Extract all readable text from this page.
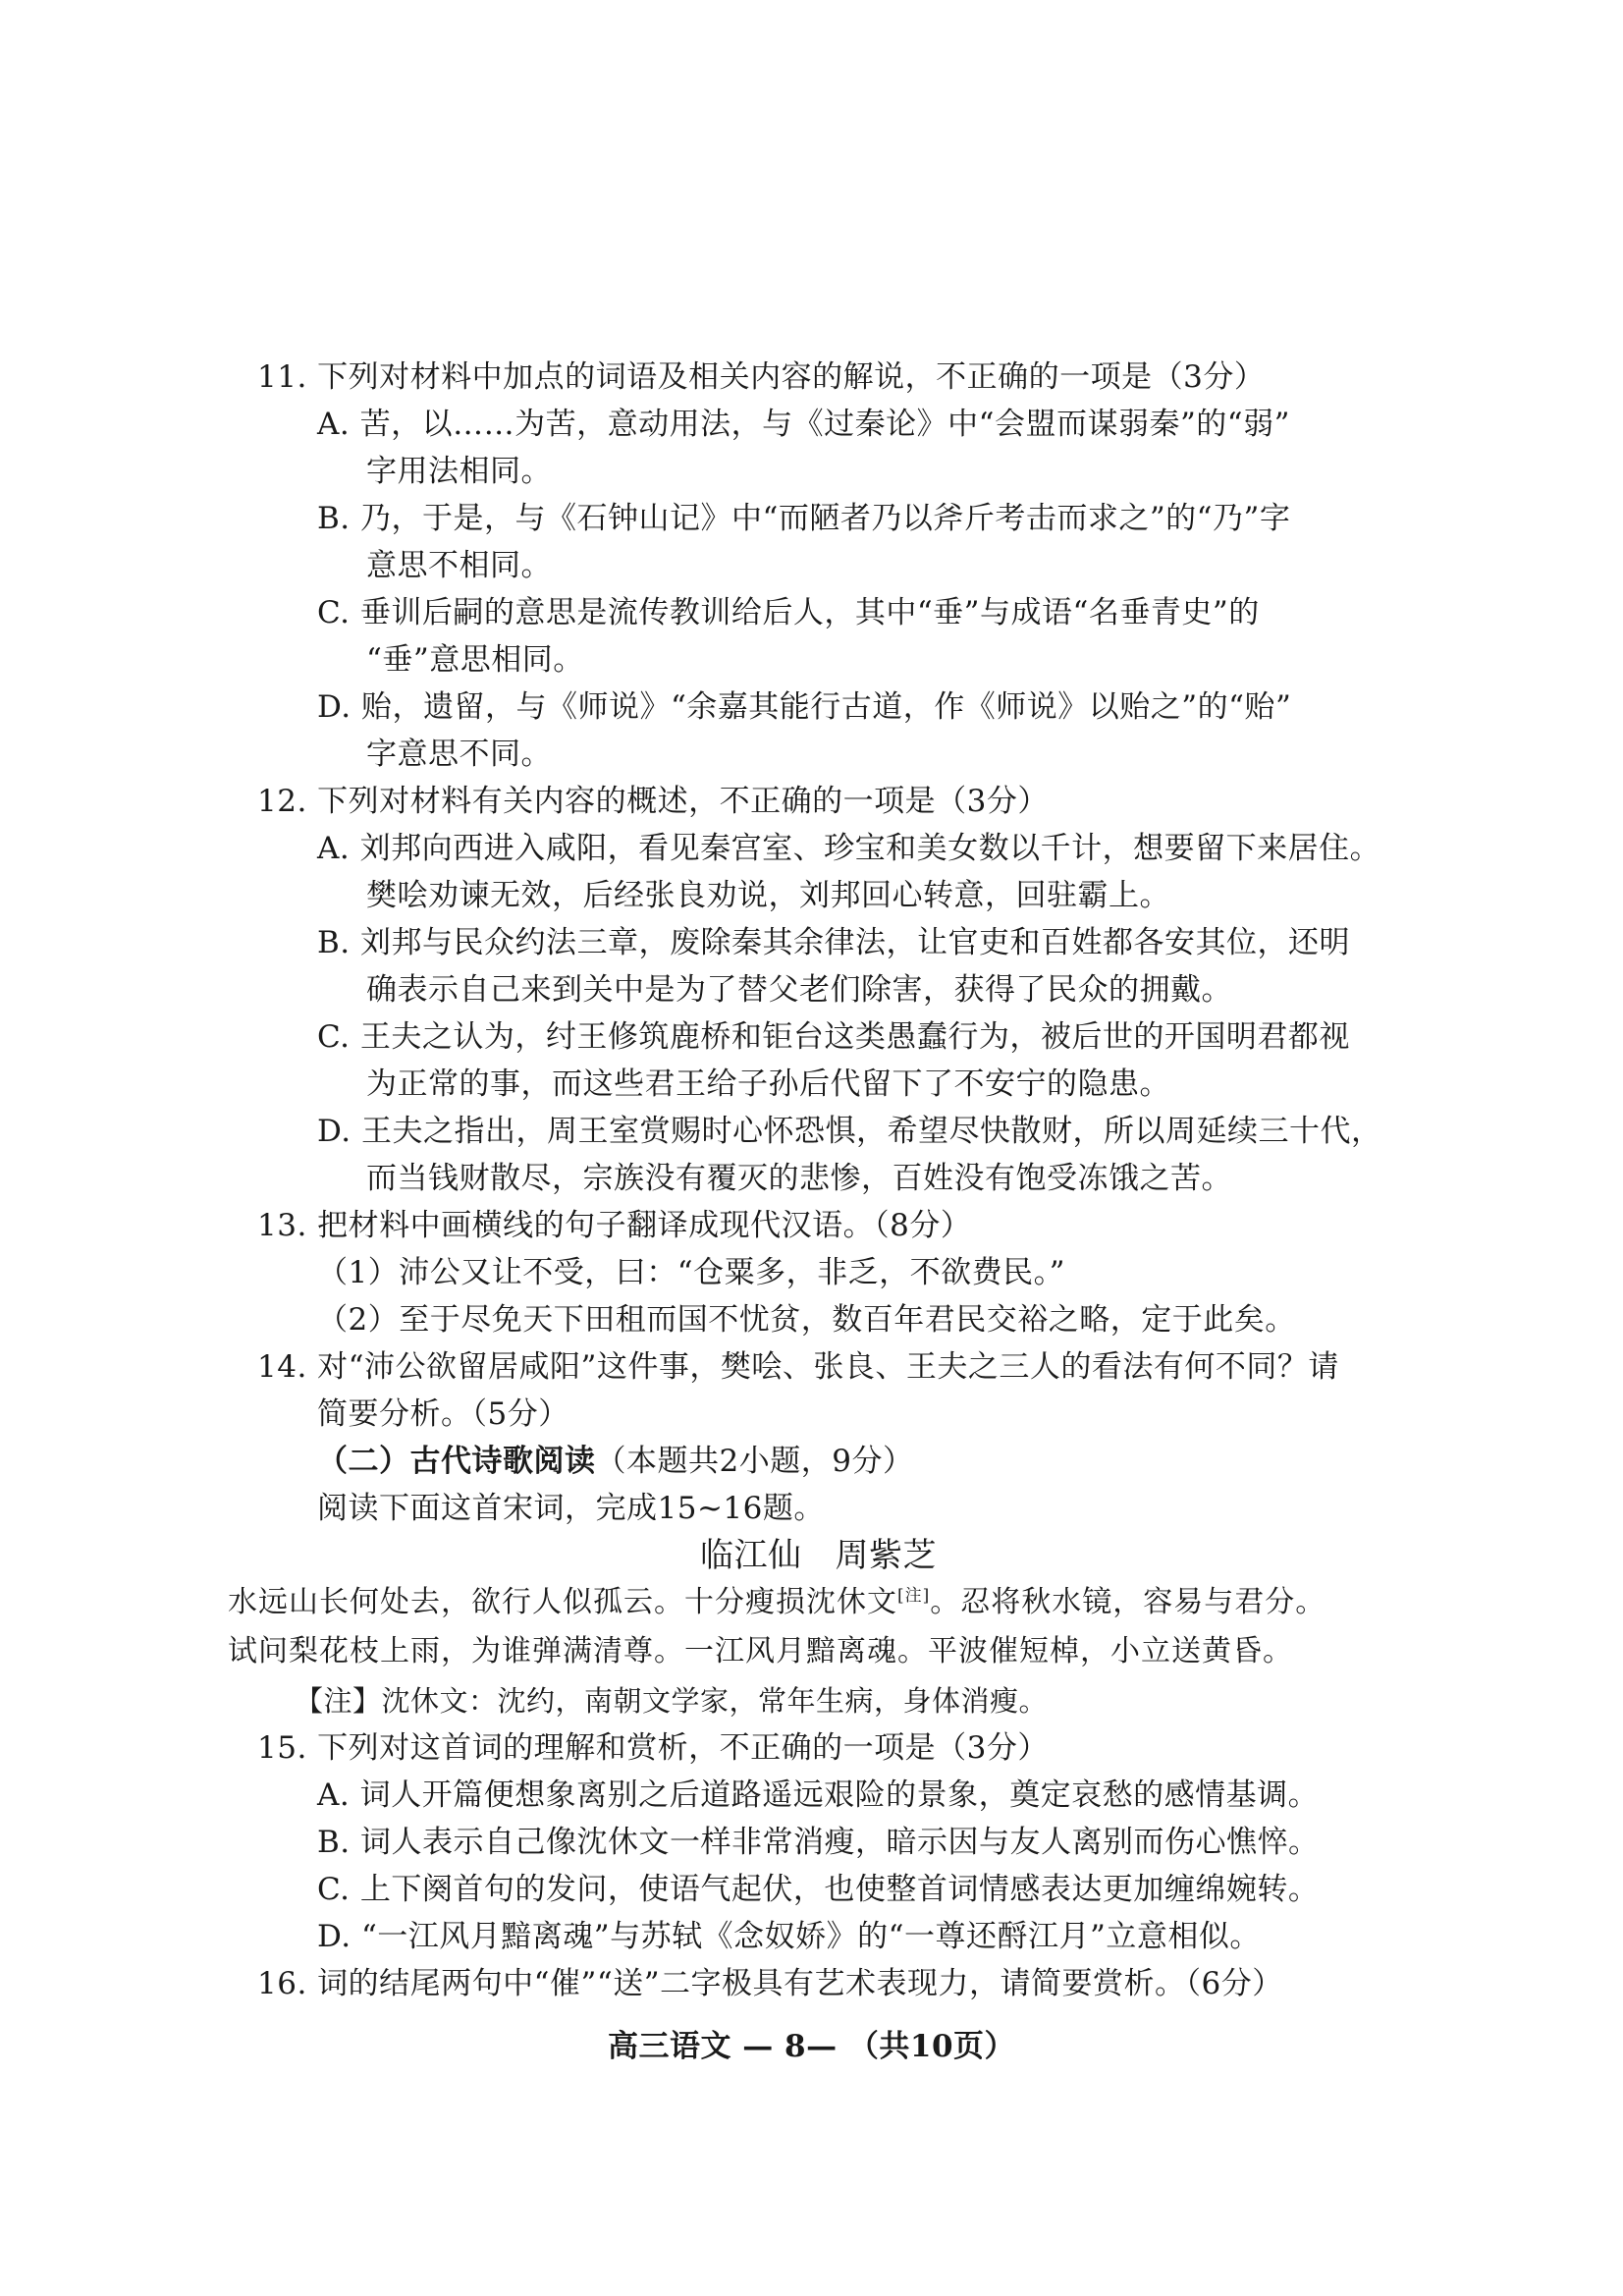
11. 下列对材料中加点的词语及相关内容的解说，不正确的一项是（3分）
A. 苦，以……为苦，意动用法，与《过秦论》中“会盟而谋弱秦”的“弱”
字用法相同。
B. 乃，于是，与《石钟山记》中“而陋者乃以斧斤考击而求之”的“乃”字
意思不相同。
C. 垂训后嗣的意思是流传教训给后人，其中“垂”与成语“名垂青史”的
“垂”意思相同。
D. 贻，遗留，与《师说》“余嘉其能行古道，作《师说》以贻之”的“贻”
字意思不同。
12. 下列对材料有关内容的概述，不正确的一项是（3分）
A. 刘邦向西进入咸阳，看见秦宫室、珍宝和美女数以千计，想要留下来居住。
樊哙劝谏无效，后经张良劝说，刘邦回心转意，回驻霸上。
B. 刘邦与民众约法三章，废除秦其余律法，让官吏和百姓都各安其位，还明
确表示自己来到关中是为了替父老们除害，获得了民众的拥戴。
C. 王夫之认为，纣王修筑鹿桥和钜台这类愚蠢行为，被后世的开国明君都视
为正常的事，而这些君王给子孙后代留下了不安宁的隐患。
D. 王夫之指出，周王室赏赐时心怀恐惧，希望尽快散财，所以周延续三十代，
而当钱财散尽，宗族没有覆灭的悲惨，百姓没有饱受冻饿之苦。
13. 把材料中画横线的句子翻译成现代汉语。（8分）
（1）沛公又让不受，曰：“仓粟多，非乏，不欲费民。”
（2）至于尽免天下田租而国不忧贫，数百年君民交裕之略，定于此矣。
14. 对“沛公欲留居咸阳”这件事，樊哙、张良、王夫之三人的看法有何不同？请
简要分析。（5分）
（二）古代诗歌阅读（本题共2小题，9分）
阅读下面这首宋词，完成15~16题。
临江仙 周紫芝
水远山长何处去，欲行人似孤云。十分瘦损沈休文[注]。忍将秋水镜，容易与君分。
试问梨花枝上雨，为谁弹满清尊。一江风月黯离魂。平波催短棹，小立送黄昏。
【注】沈休文：沈约，南朝文学家，常年生病，身体消瘦。
15. 下列对这首词的理解和赏析，不正确的一项是（3分）
A. 词人开篇便想象离别之后道路遥远艰险的景象，奠定哀愁的感情基调。
B. 词人表示自己像沈休文一样非常消瘦，暗示因与友人离别而伤心憔悴。
C. 上下阕首句的发问，使语气起伏，也使整首词情感表达更加缠绵婉转。
D. “一江风月黯离魂”与苏轼《念奴娇》的“一尊还酹江月”立意相似。
16. 词的结尾两句中“催”“送”二字极具有艺术表现力，请简要赏析。（6分）
高三语文 — 8— （共10页）
